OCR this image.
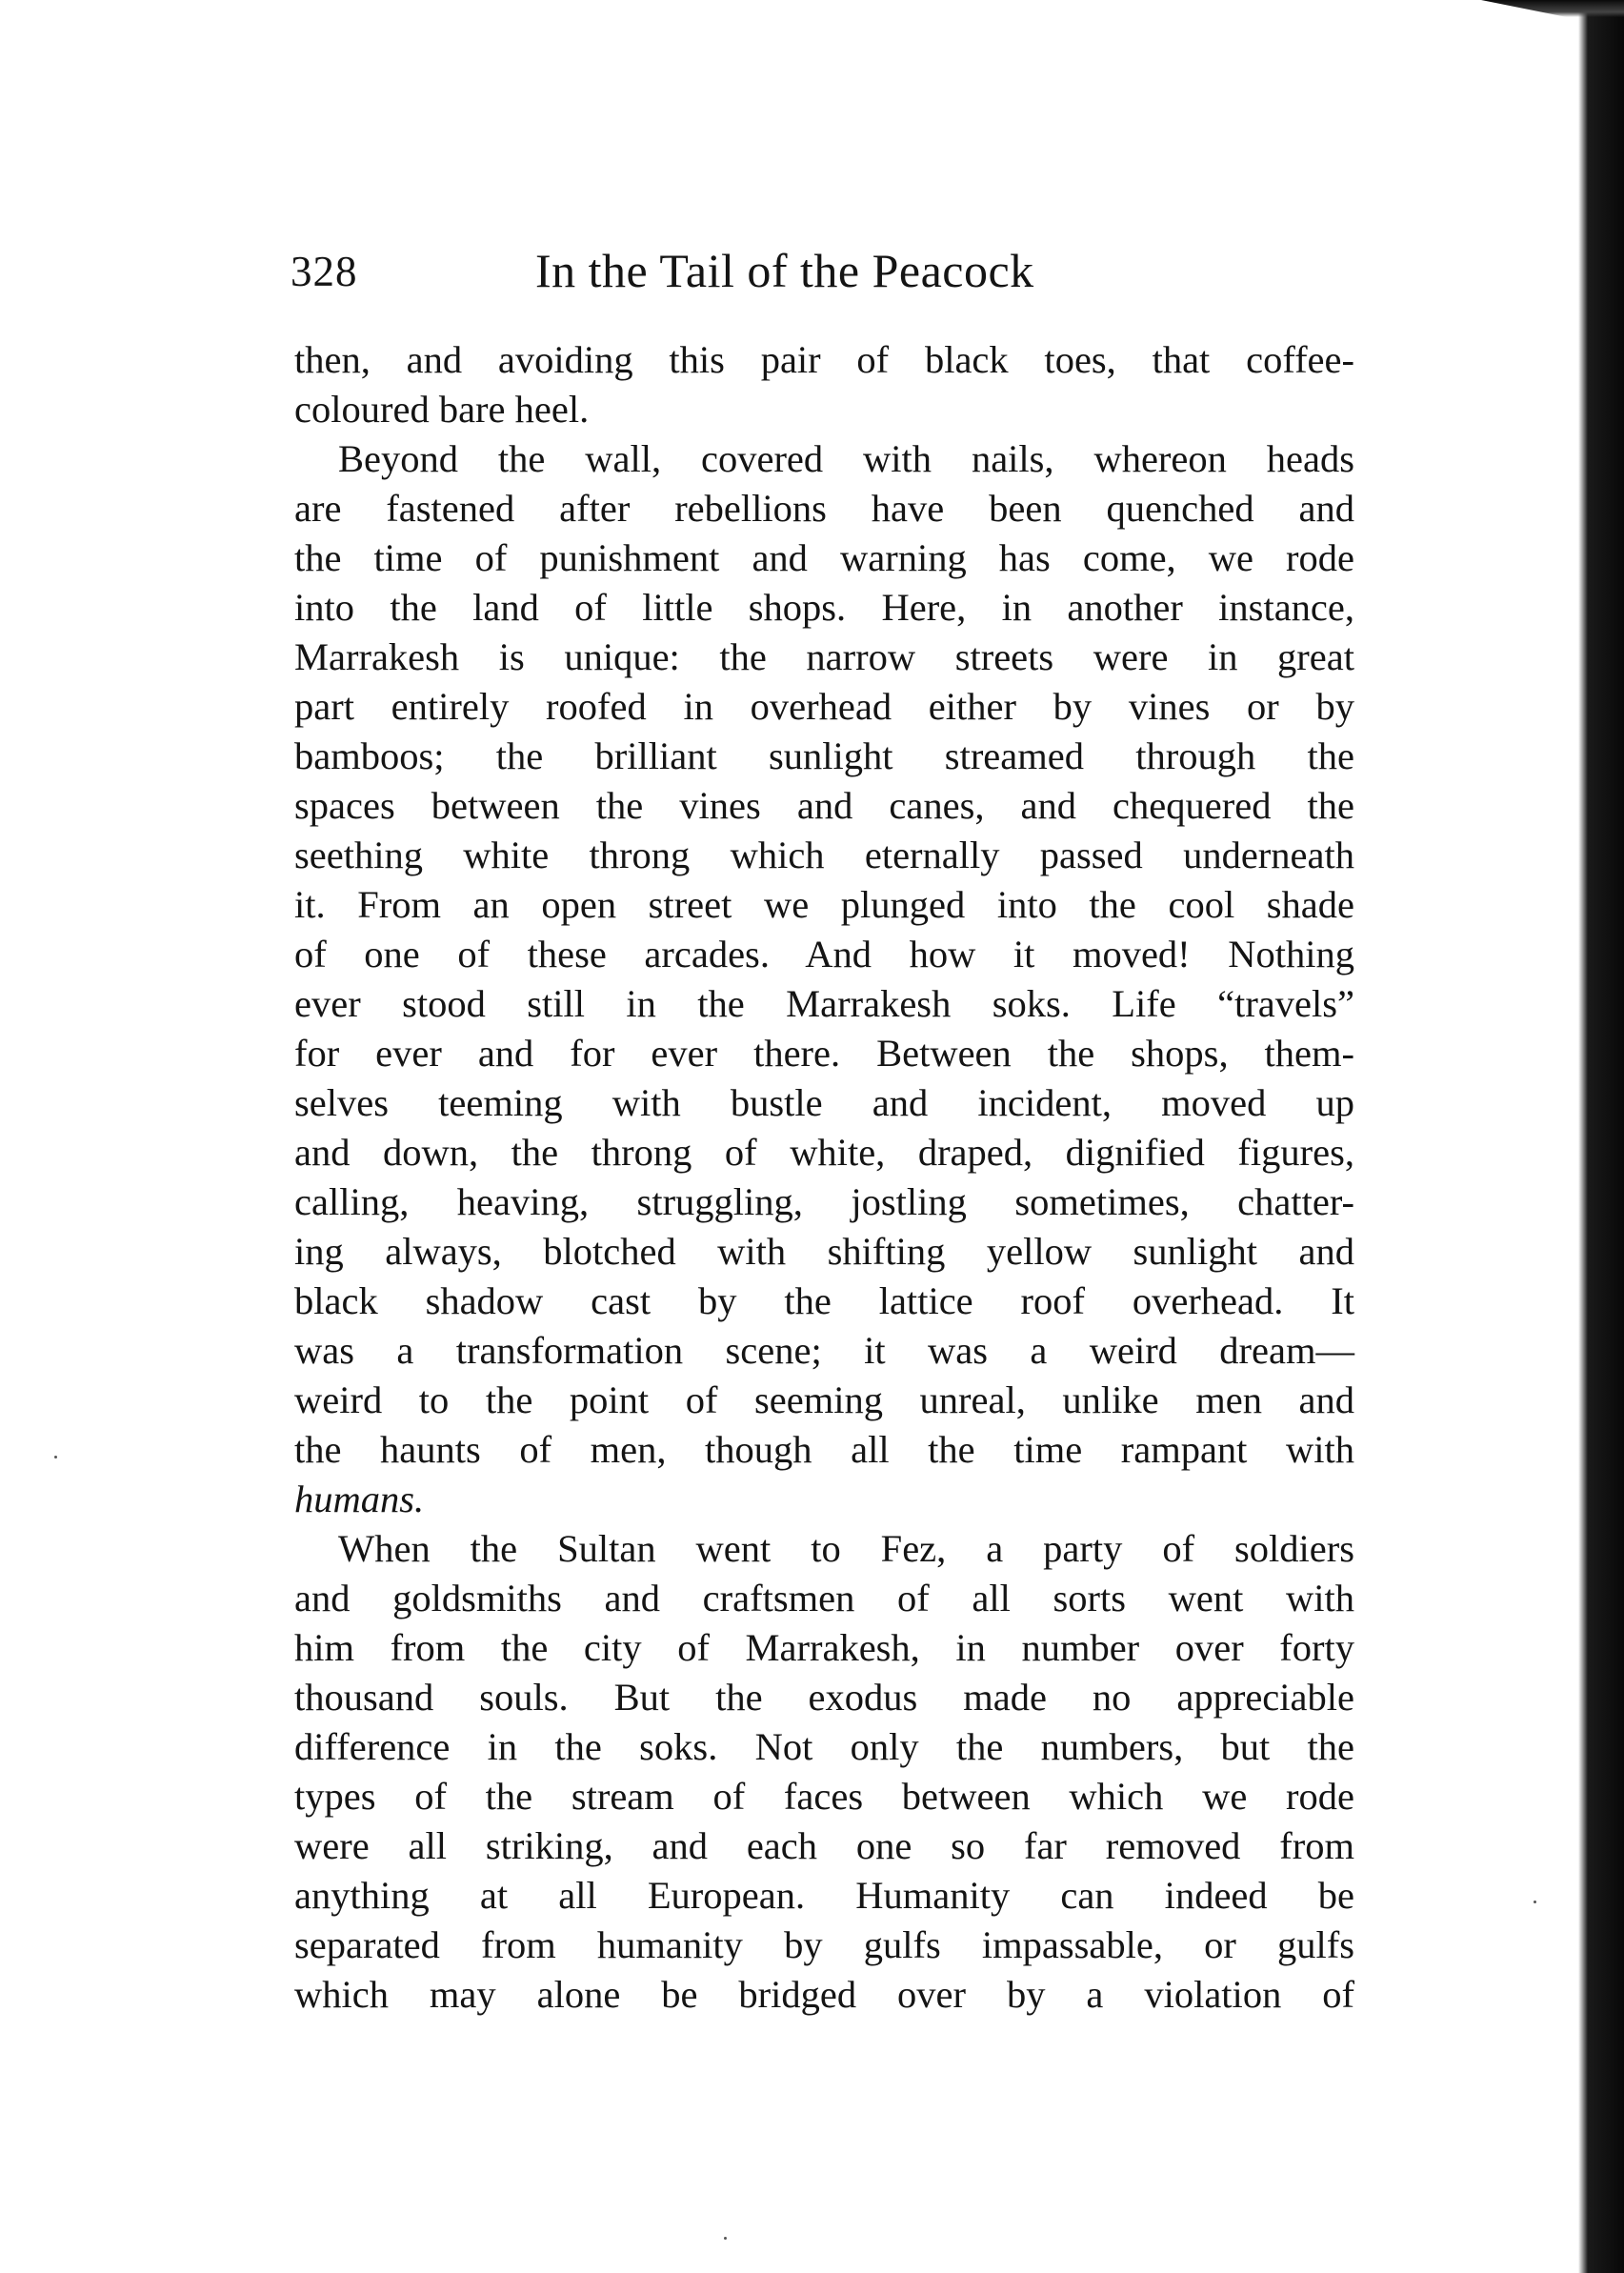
328	In the Tail of the Peacock
then, and avoiding this pair of black toes, that coffee-
coloured bare heel.
Beyond the wall, covered with nails, whereon heads
are fastened after rebellions have been quenched and
the time of punishment and warning has come, we rode
into the land of little shops. Here, in another instance,
Marrakesh is unique: the narrow streets were in great
part entirely roofed in overhead either by vines or by
bamboos; the brilliant sunlight streamed through the
spaces between the vines and canes, and chequered the
seething white throng which eternally passed underneath
it. From an open street we plunged into the cool shade
of one of these arcades. And how it moved! Nothing
ever stood still in the Marrakesh soks. Life “travels”
for ever and for ever there. Between the shops, them-
selves teeming with bustle and incident, moved up
and down, the throng of white, draped, dignified figures,
calling, heaving, struggling, jostling sometimes, chatter-
ing always, blotched with shifting yellow sunlight and
black shadow cast by the lattice roof overhead. It
was a transformation scene; it was a weird dream—
weird to the point of seeming unreal, unlike men and
the haunts of men, though all the time rampant with
humans.
When the Sultan went to Fez, a party of soldiers
and goldsmiths and craftsmen of all sorts went with
him from the city of Marrakesh, in number over forty
thousand souls. But the exodus made no appreciable
difference in the soks. Not only the numbers, but the
types of the stream of faces between which we rode
were all striking, and each one so far removed from
anything at all European. Humanity can indeed be
separated from humanity by gulfs impassable, or gulfs
which may alone be bridged over by a violation of
